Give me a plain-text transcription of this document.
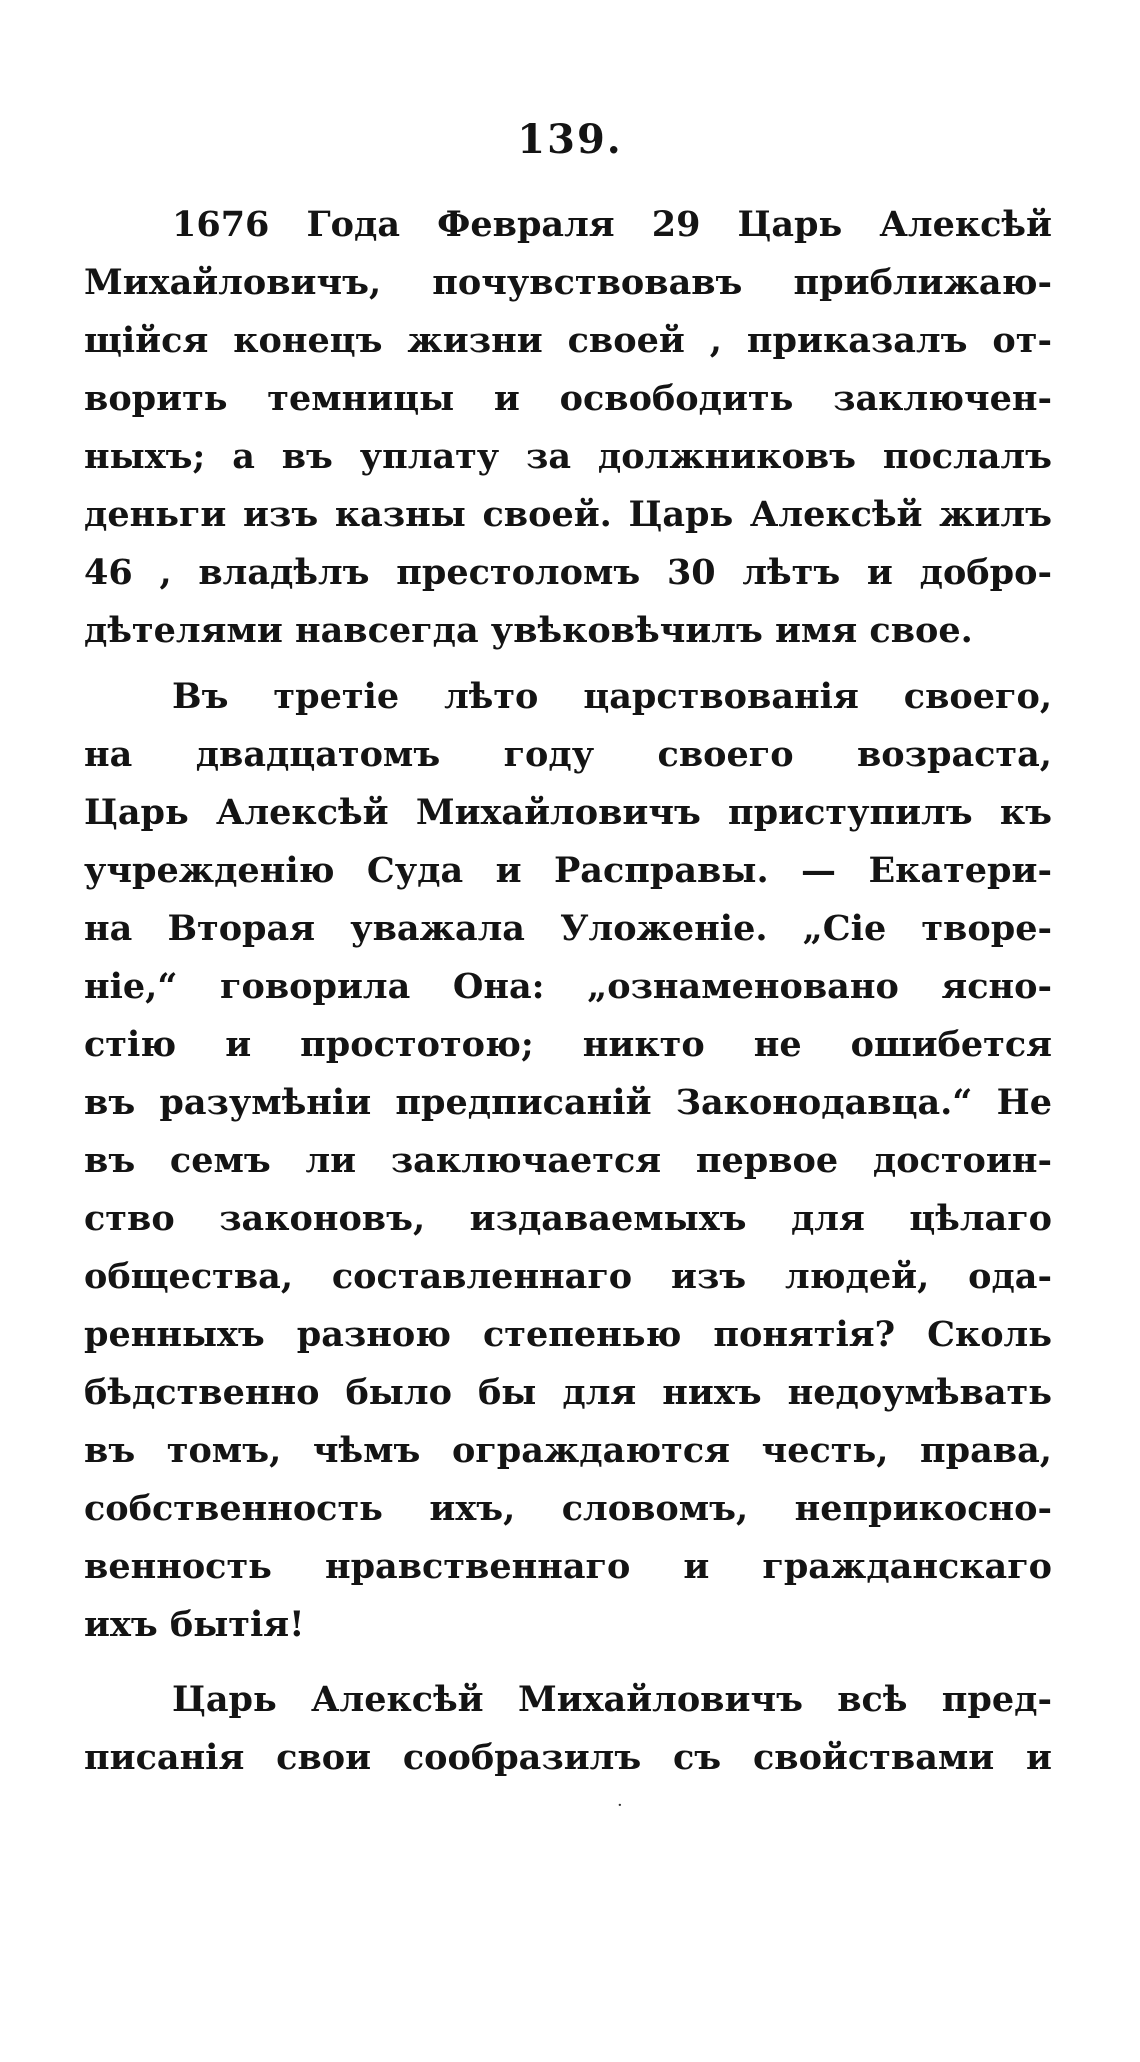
139.
1676 Года Февраля 29 Царь Алексѣй
Михайловичъ, почувствовавъ приближаю-
щійся конецъ жизни своей , приказалъ от-
ворить темницы и освободить заключен-
ныхъ; а въ уплату за должниковъ послалъ
деньги изъ казны своей. Царь Алексѣй жилъ
46 , владѣлъ престоломъ 30 лѣтъ и добро-
дѣтелями навсегда увѣковѣчилъ имя свое.
Въ третіе лѣто царствованія своего,
на двадцатомъ году своего возраста,
Царь Алексѣй Михайловичъ приступилъ къ
учрежденію Суда и Расправы. — Екатери-
на Вторая уважала Уложеніе. „Сіе творе-
ніе,“ говорила Она: „ознаменовано ясно-
стію и простотою; никто не ошибется
въ разумѣніи предписаній Законодавца.“ Не
въ семъ ли заключается первое достоин-
ство законовъ, издаваемыхъ для цѣлаго
общества, составленнаго изъ людей, ода-
ренныхъ разною степенью понятія? Сколь
бѣдственно было бы для нихъ недоумѣвать
въ томъ, чѣмъ ограждаются честь, права,
собственность ихъ, словомъ, неприкосно-
венность нравственнаго и гражданскаго
ихъ бытія!
Царь Алексѣй Михайловичъ всѣ пред-
писанія свои сообразилъ съ свойствами и
·
